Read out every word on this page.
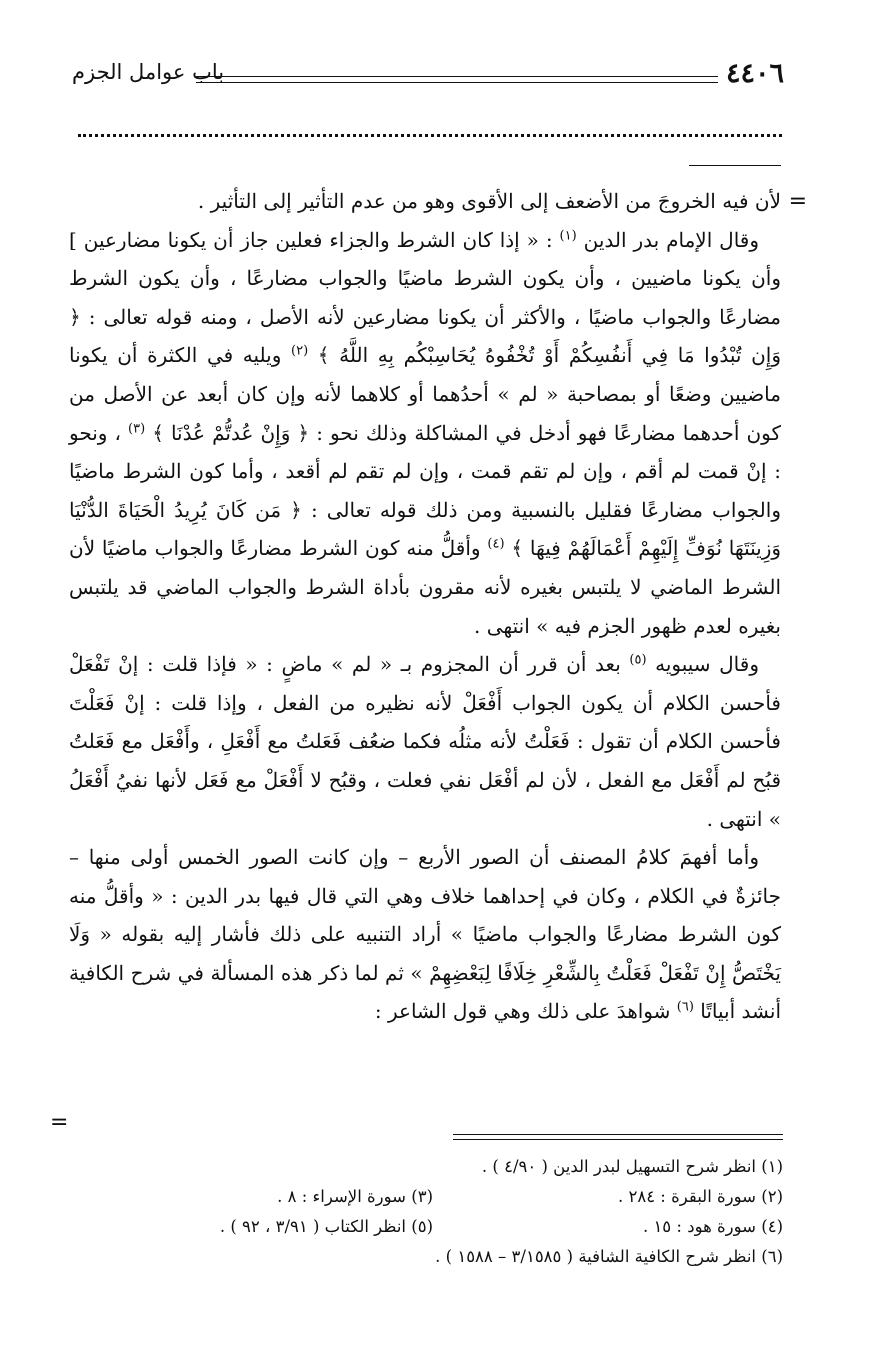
٤٤٠٦
باب عوامل الجزم
=

لأن فيه الخروجَ من الأضعف إلى الأقوى وهو من عدم التأثير إلى التأثير .

وقال الإمام بدر الدين $^{(١)}$ : « إذا كان الشرط والجزاء فعلين جاز أن يكونا مضارعين ] وأن يكونا ماضيين ، وأن يكون الشرط ماضيًا والجواب مضارعًا ، وأن يكون الشرط مضارعًا والجواب ماضيًا ، والأكثر أن يكونا مضارعين لأنه الأصل ، ومنه قوله تعالى : ﴿ وَإِن تُبْدُوا مَا فِي أَنفُسِكُمْ أَوْ تُخْفُوهُ يُحَاسِبْكُم بِهِ اللَّهُ ﴾ $^{(٢)}$ ويليه في الكثرة أن يكونا ماضيين وضعًا أو بمصاحبة « لم » أحدُهما أو كلاهما لأنه وإن كان أبعد عن الأصل من كون أحدهما مضارعًا فهو أدخل في المشاكلة وذلك نحو : ﴿ وَإِنْ عُدتُّمْ عُدْنَا ﴾ $^{(٣)}$ ، ونحو : إنْ قمت لم أقم ، وإن لم تقم قمت ، وإن لم تقم لم أقعد ، وأما كون الشرط ماضيًا والجواب مضارعًا فقليل بالنسبية ومن ذلك قوله تعالى : ﴿ مَن كَانَ يُرِيدُ الْحَيَاةَ الدُّنْيَا وَزِينَتَهَا نُوَفِّ إِلَيْهِمْ أَعْمَالَهُمْ فِيهَا ﴾ $^{(٤)}$ وأقلُّ منه كون الشرط مضارعًا والجواب ماضيًا لأن الشرط الماضي لا يلتبس بغيره لأنه مقرون بأداة الشرط والجواب الماضي قد يلتبس بغيره لعدم ظهور الجزم فيه » انتهى .

وقال سيبويه $^{(٥)}$ بعد أن قرر أن المجزوم بـ « لم » ماضٍ : « فإذا قلت : إنْ تَفْعَلْ فأحسن الكلام أن يكون الجواب أَفْعَلْ لأنه نظيره من الفعل ، وإذا قلت : إنْ فَعَلْتَ فأحسن الكلام أن تقول : فَعَلْتُ لأنه مثلُه فكما ضعُف فَعَلتُ مع أَفْعَلِ ، وأَفْعَل مع فَعَلتُ قبُح لم أَفْعَل مع الفعل ، لأن لم أفْعَل نفي فعلت ، وقبُح لا أَفْعَلْ مع فَعَل لأنها نفيُ أَفْعَلُ » انتهى .

وأما أفهمَ كلامُ المصنف أن الصور الأربع – وإن كانت الصور الخمس أولى منها – جائزةٌ في الكلام ، وكان في إحداهما خلاف وهي التي قال فيها بدر الدين : « وأقلُّ منه كون الشرط مضارعًا والجواب ماضيًا » أراد التنبيه على ذلك فأشار إليه بقوله « وَلَا يَخْتَصُّ إِنْ تَفْعَلْ فَعَلْتُ بِالشِّعْرِ خِلَافًا لِبَعْضِهِمْ » ثم لما ذكر هذه المسألة في شرح الكافية أنشد أبياتًا $^{(٦)}$ شواهدَ على ذلك وهي قول الشاعر :

=
(١) انظر شرح التسهيل لبدر الدين ( ٤/٩٠ ) .
(٢) سورة البقرة : ٢٨٤ .
(٣) سورة الإسراء : ٨ .
(٤) سورة هود : ١٥ .
(٥) انظر الكتاب ( ٣/٩١ ، ٩٢ ) .
(٦) انظر شرح الكافية الشافية ( ٣/١٥٨٥ – ١٥٨٨ ) .
